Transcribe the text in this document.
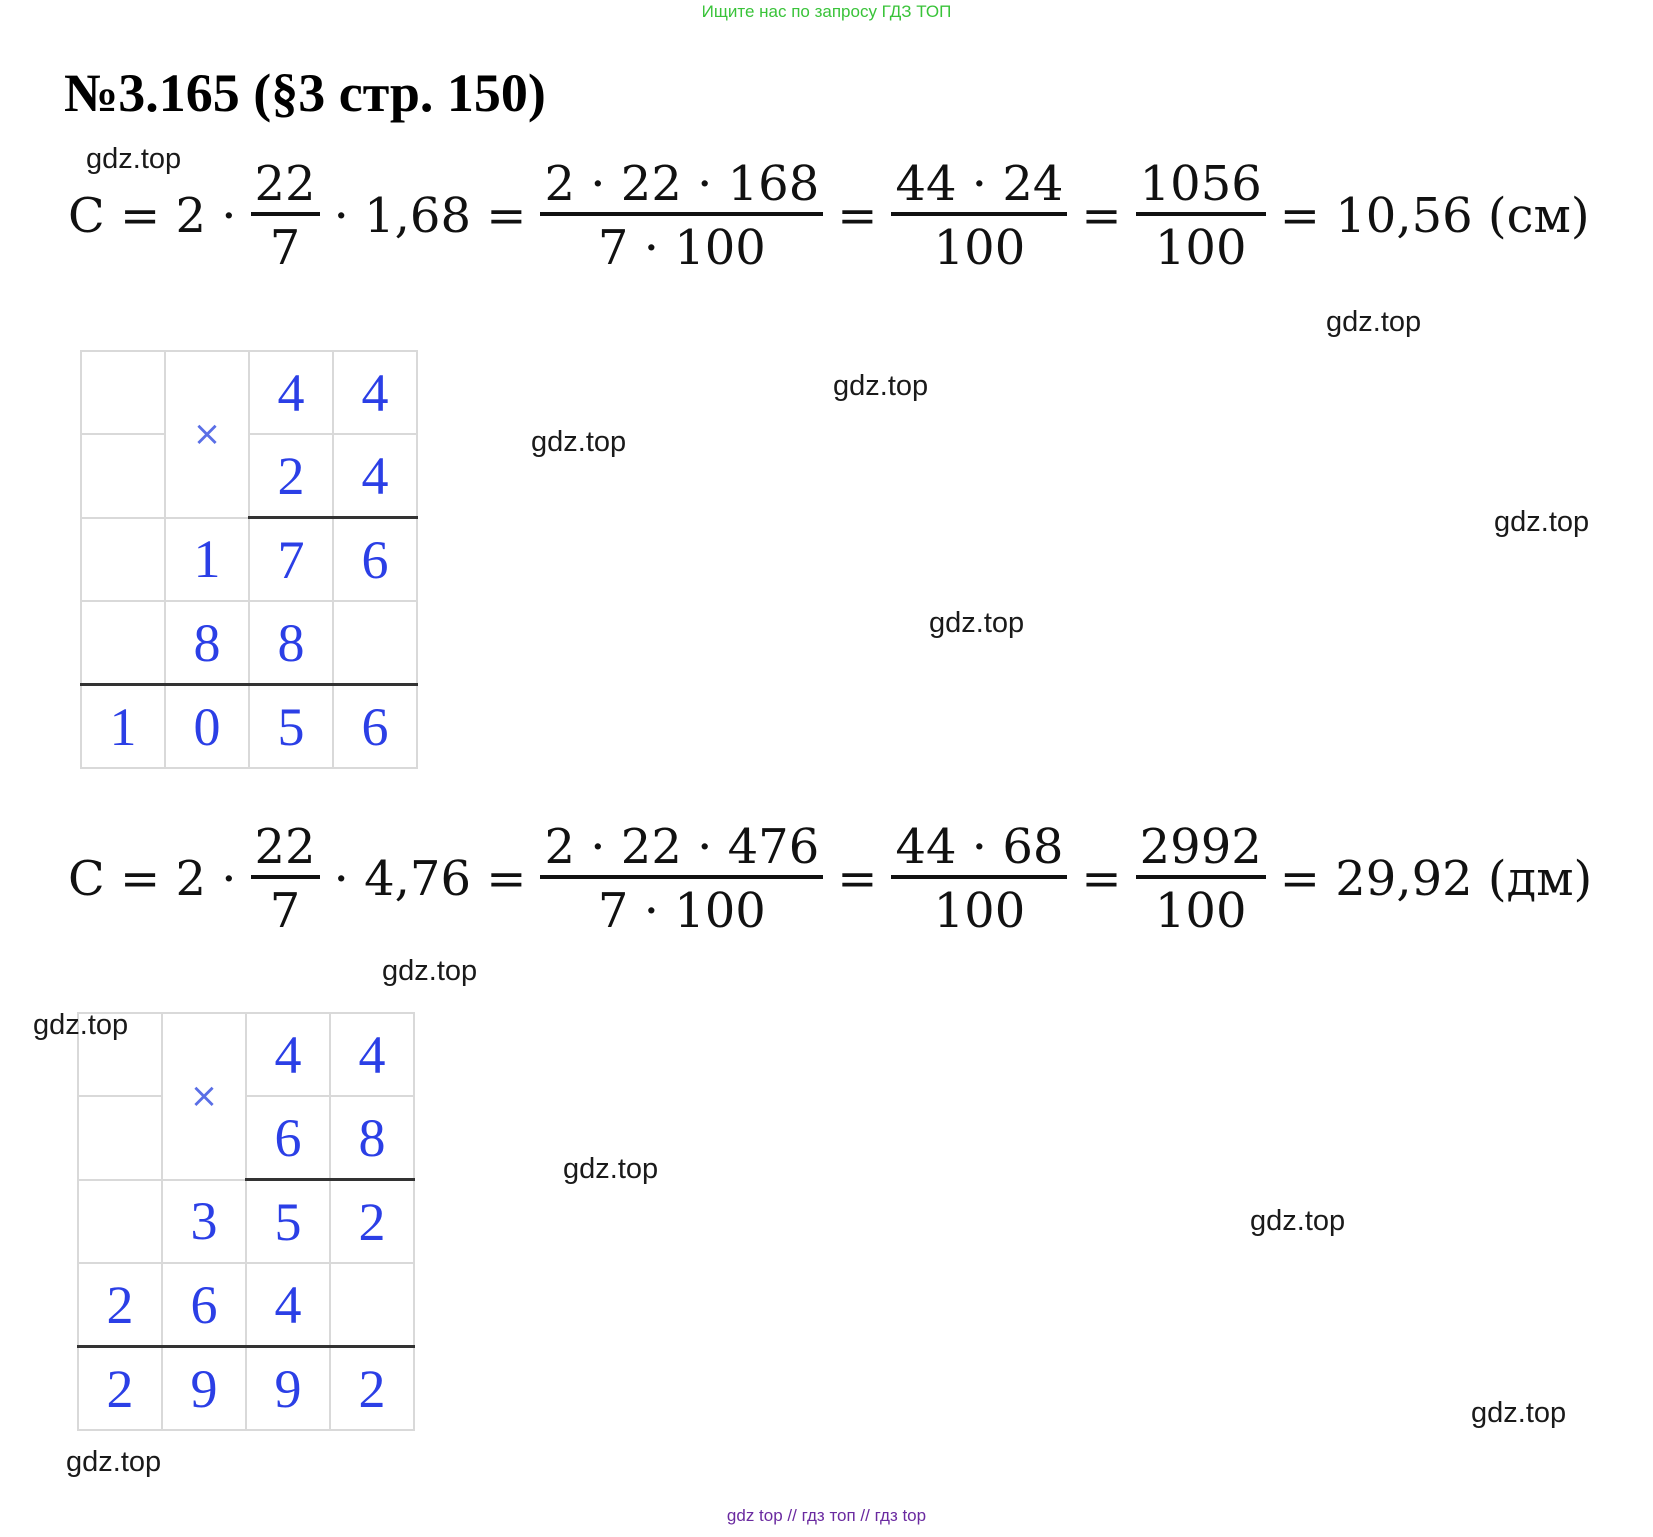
Ищите нас по запросу ГДЗ ТОП
№3.165 (§3 стр. 150)
$C = 2 \cdot \frac{22}{7} \cdot 1,68 = \frac{2 \cdot 22 \cdot 168}{7 \cdot 100} = \frac{44 \cdot 24}{100} = \frac{1056}{100} = 10,56$ (см)
	×	4	4
		2	4
	1	7	6
	8	8	
1	0	5	6
$C = 2 \cdot \frac{22}{7} \cdot 4,76 = \frac{2 \cdot 22 \cdot 476}{7 \cdot 100} = \frac{44 \cdot 68}{100} = \frac{2992}{100} = 29,92$ (дм)
	×	4	4
		6	8
	3	5	2
2	6	4	
2	9	9	2
gdz.top
gdz.top
gdz.top
gdz.top
gdz.top
gdz.top
gdz.top
gdz.top
gdz.top
gdz.top
gdz.top
gdz.top
gdz top // гдз топ // гдз top
